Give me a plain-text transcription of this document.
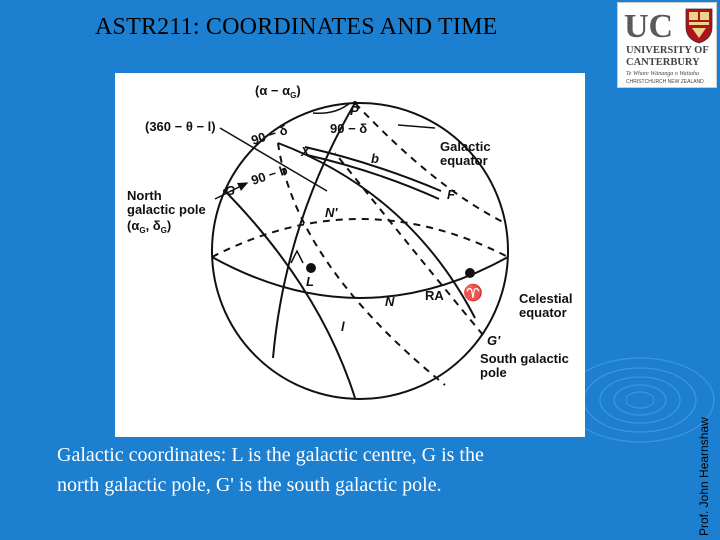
ASTR211: COORDINATES AND TIME	UC
UNIVERSITY OF
CANTERBURY
Te Whare Wānanga o Waitaha
CHRISTCHURCH NEW ZEALAND
$(\alpha - \alpha_G)$
P
(360 − θ − l)	90 − δ	90 − δ
X	b
Galactic
equator
G
90 − b
F
North
galactic pole
($\alpha_G$, $\delta_G$)
N'
L
RA ♈
N
l
Celestial
equator
G'
South galactic
pole
Galactic coordinates: L is the galactic centre, G is the
north galactic pole, G' is the south galactic pole.	Prof. John Hearnshaw
